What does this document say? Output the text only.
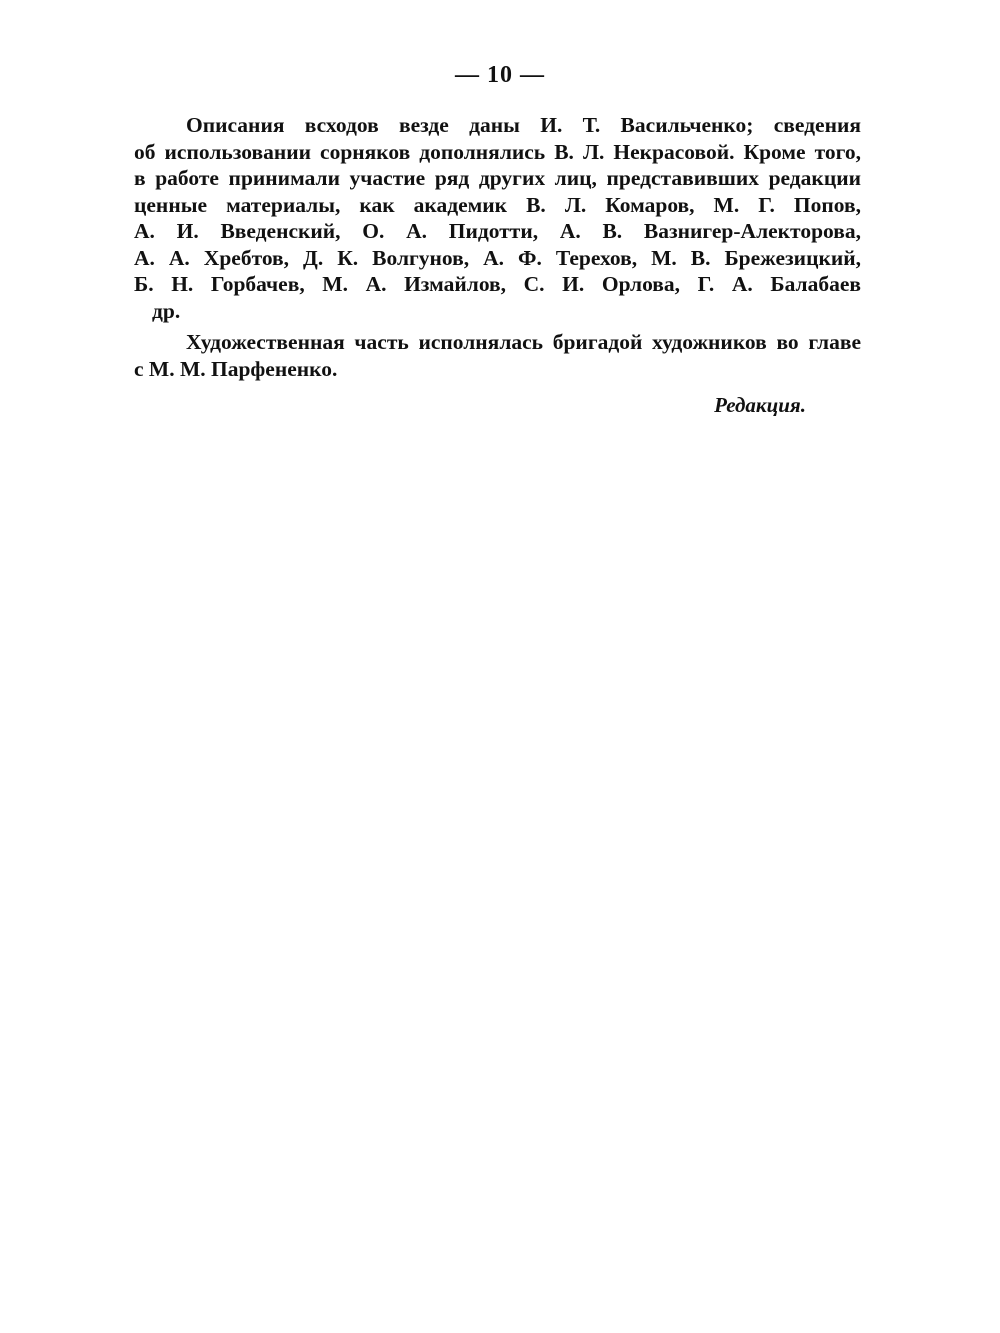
— 10 —
Описания всходов везде даны И. Т. Васильченко; сведения
об использовании сорняков дополнялись В. Л. Некрасовой. Кроме того,
в работе принимали участие ряд других лиц, представивших редакции
ценные материалы, как академик В. Л. Комаров, М. Г. Попов,
А. И. Введенский, О. А. Пидотти, А. В. Вазнигер-Алекторова,
А. А. Хребтов, Д. К. Волгунов, А. Ф. Терехов, М. В. Брежезицкий,
Б. Н. Горбачев, М. А. Измайлов, С. И. Орлова, Г. А. Балабаев
др.
Художественная часть исполнялась бригадой художников во главе
с М. М. Парфененко.
Редакция.
